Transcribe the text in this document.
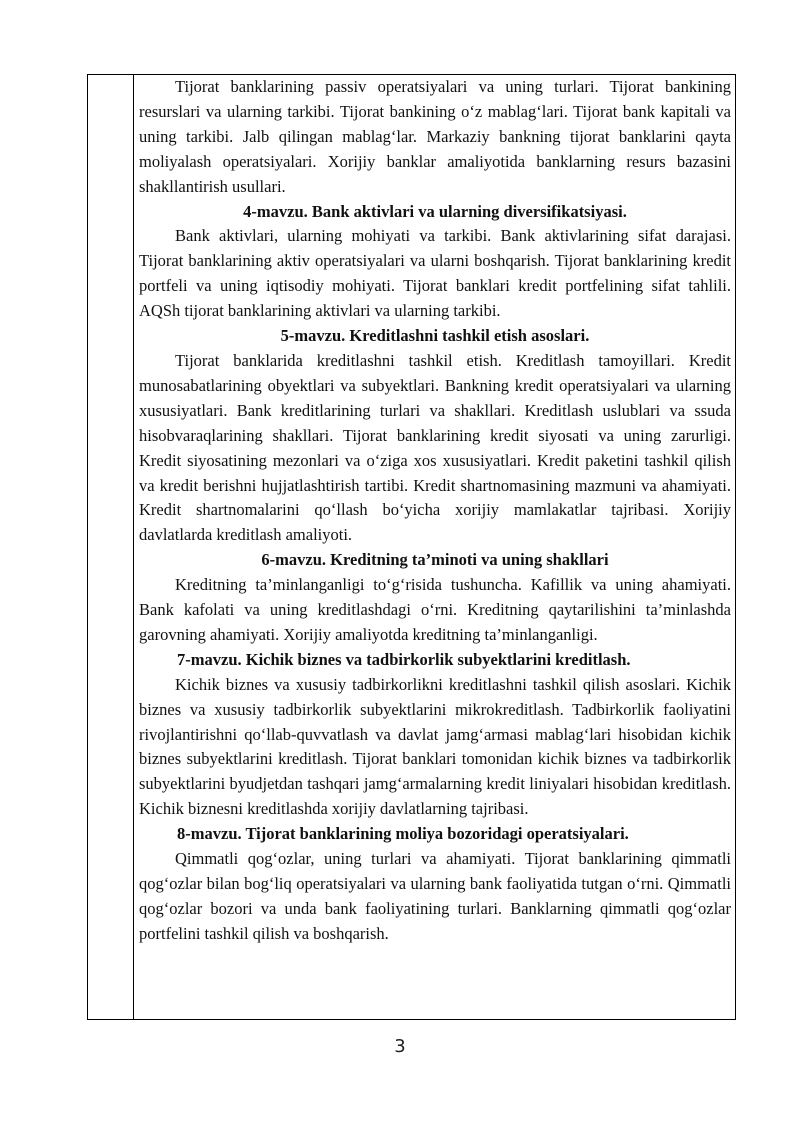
Tijorat banklarining passiv operatsiyalari va uning turlari. Tijorat bankining resurslari va ularning tarkibi. Tijorat bankining o‘z mablag‘lari. Tijorat bank kapitali va uning tarkibi. Jalb qilingan mablag‘lar. Markaziy bankning tijorat banklarini qayta moliyalash operatsiyalari. Xorijiy banklar amaliyotida banklarning resurs bazasini shakllantirish usullari.

4-mavzu. Bank aktivlari va ularning diversifikatsiyasi.

Bank aktivlari, ularning mohiyati va tarkibi. Bank aktivlarining sifat darajasi. Tijorat banklarining aktiv operatsiyalari va ularni boshqarish. Tijorat banklarining kredit portfeli va uning iqtisodiy mohiyati. Tijorat banklari kredit portfelining sifat tahlili. AQSh tijorat banklarining aktivlari va ularning tarkibi.

5-mavzu. Kreditlashni tashkil etish asoslari.

Tijorat banklarida kreditlashni tashkil etish. Kreditlash tamoyillari. Kredit munosabatlarining obyektlari va subyektlari. Bankning kredit operatsiyalari va ularning xususiyatlari. Bank kreditlarining turlari va shakllari. Kreditlash uslublari va ssuda hisobvaraqlarining shakllari. Tijorat banklarining kredit siyosati va uning zarurligi. Kredit siyosatining mezonlari va o‘ziga xos xususiyatlari. Kredit paketini tashkil qilish va kredit berishni hujjatlashtirish tartibi. Kredit shartnomasining mazmuni va ahamiyati. Kredit shartnomalarini qo‘llash bo‘yicha xorijiy mamlakatlar tajribasi. Xorijiy davlatlarda kreditlash amaliyoti.

6-mavzu. Kreditning ta’minoti va uning shakllari

Kreditning ta’minlanganligi to‘g‘risida tushuncha. Kafillik va uning ahamiyati. Bank kafolati va uning kreditlashdagi o‘rni. Kreditning qaytarilishini ta’minlashda garovning ahamiyati. Xorijiy amaliyotda kreditning ta’minlanganligi.

7-mavzu. Kichik biznes va tadbirkorlik subyektlarini kreditlash.

Kichik biznes va xususiy tadbirkorlikni kreditlashni tashkil qilish asoslari. Kichik biznes va xususiy tadbirkorlik subyektlarini mikrokreditlash. Tadbirkorlik faoliyatini rivojlantirishni qo‘llab-quvvatlash va davlat jamg‘armasi mablag‘lari hisobidan kichik biznes subyektlarini kreditlash. Tijorat banklari tomonidan kichik biznes va tadbirkorlik subyektlarini byudjetdan tashqari jamg‘armalarning kredit liniyalari hisobidan kreditlash. Kichik biznesni kreditlashda xorijiy davlatlarning tajribasi.

8-mavzu. Tijorat banklarining moliya bozoridagi operatsiyalari.

Qimmatli qog‘ozlar, uning turlari va ahamiyati. Tijorat banklarining qimmatli qog‘ozlar bilan bog‘liq operatsiyalari va ularning bank faoliyatida tutgan o‘rni. Qimmatli qog‘ozlar bozori va unda bank faoliyatining turlari. Banklarning qimmatli qog‘ozlar portfelini tashkil qilish va boshqarish.

3
